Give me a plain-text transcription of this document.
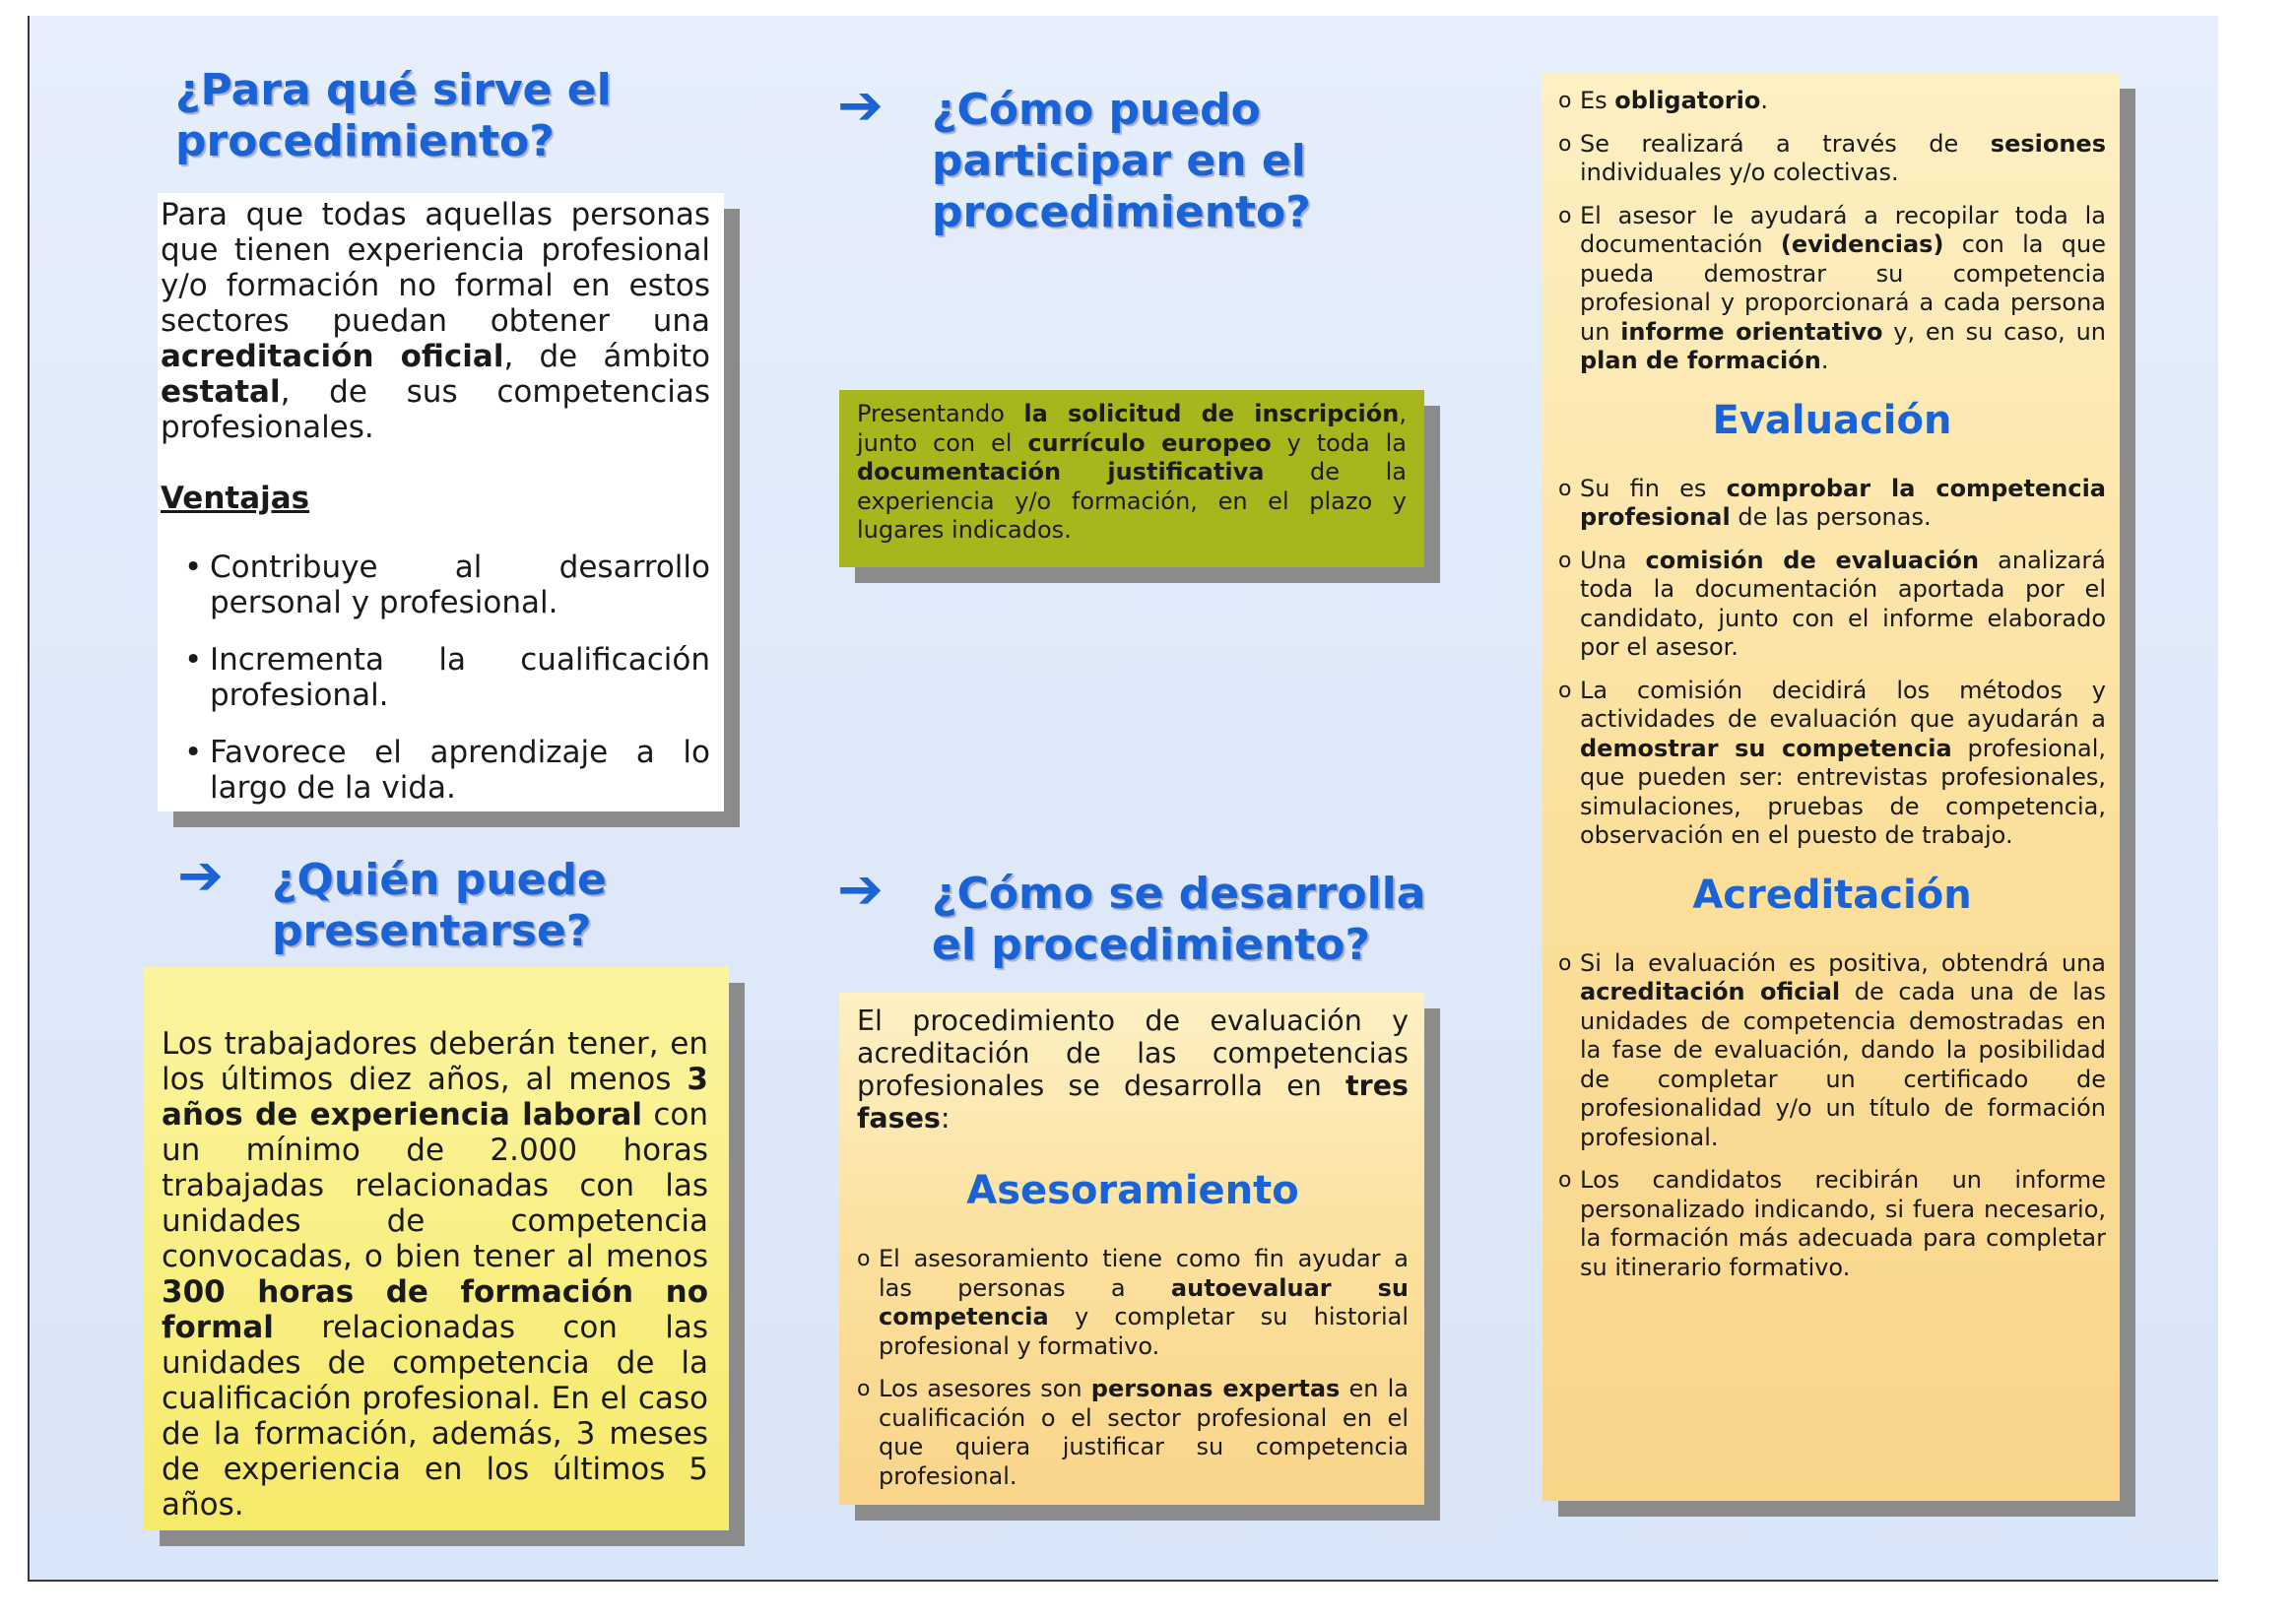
¿Para qué sirve el
procedimiento?

Para que todas aquellas personas que tienen experiencia profesional y/o formación no formal en estos sectores puedan obtener una acreditación oficial, de ámbito estatal, de sus competencias profesionales.

Ventajas
• Contribuye al desarrollo personal y profesional.
• Incrementa la cualificación profesional.
• Favorece el aprendizaje a lo largo de la vida.
➔ ¿Quién puede
presentarse?

Los trabajadores deberán tener, en los últimos diez años, al menos 3 años de experiencia laboral con un mínimo de 2.000 horas trabajadas relacionadas con las unidades de competencia convocadas, o bien tener al menos 300 horas de formación no formal relacionadas con las unidades de competencia de la cualificación profesional. En el caso de la formación, además, 3 meses de experiencia en los últimos 5 años.

➔ ¿Cómo puedo
participar en el
procedimiento?

Presentando la solicitud de inscripción, junto con el currículo europeo y toda la documentación justificativa de la experiencia y/o formación, en el plazo y lugares indicados.

➔ ¿Cómo se desarrolla
el procedimiento?

El procedimiento de evaluación y acreditación de las competencias profesionales se desarrolla en tres fases:

Asesoramiento

o El asesoramiento tiene como fin ayudar a las personas a autoevaluar su competencia y completar su historial profesional y formativo.
o Los asesores son personas expertas en la cualificación o el sector profesional en el que quiera justificar su competencia profesional.
o Es obligatorio.
o Se realizará a través de sesiones individuales y/o colectivas.
o El asesor le ayudará a recopilar toda la documentación (evidencias) con la que pueda demostrar su competencia profesional y proporcionará a cada persona un informe orientativo y, en su caso, un plan de formación.

Evaluación

o Su fin es comprobar la competencia profesional de las personas.
o Una comisión de evaluación analizará toda la documentación aportada por el candidato, junto con el informe elaborado por el asesor.
o La comisión decidirá los métodos y actividades de evaluación que ayudarán a demostrar su competencia profesional, que pueden ser: entrevistas profesionales, simulaciones, pruebas de competencia, observación en el puesto de trabajo.

Acreditación

o Si la evaluación es positiva, obtendrá una acreditación oficial de cada una de las unidades de competencia demostradas en la fase de evaluación, dando la posibilidad de completar un certificado de profesionalidad y/o un título de formación profesional.
o Los candidatos recibirán un informe personalizado indicando, si fuera necesario, la formación más adecuada para completar su itinerario formativo.
